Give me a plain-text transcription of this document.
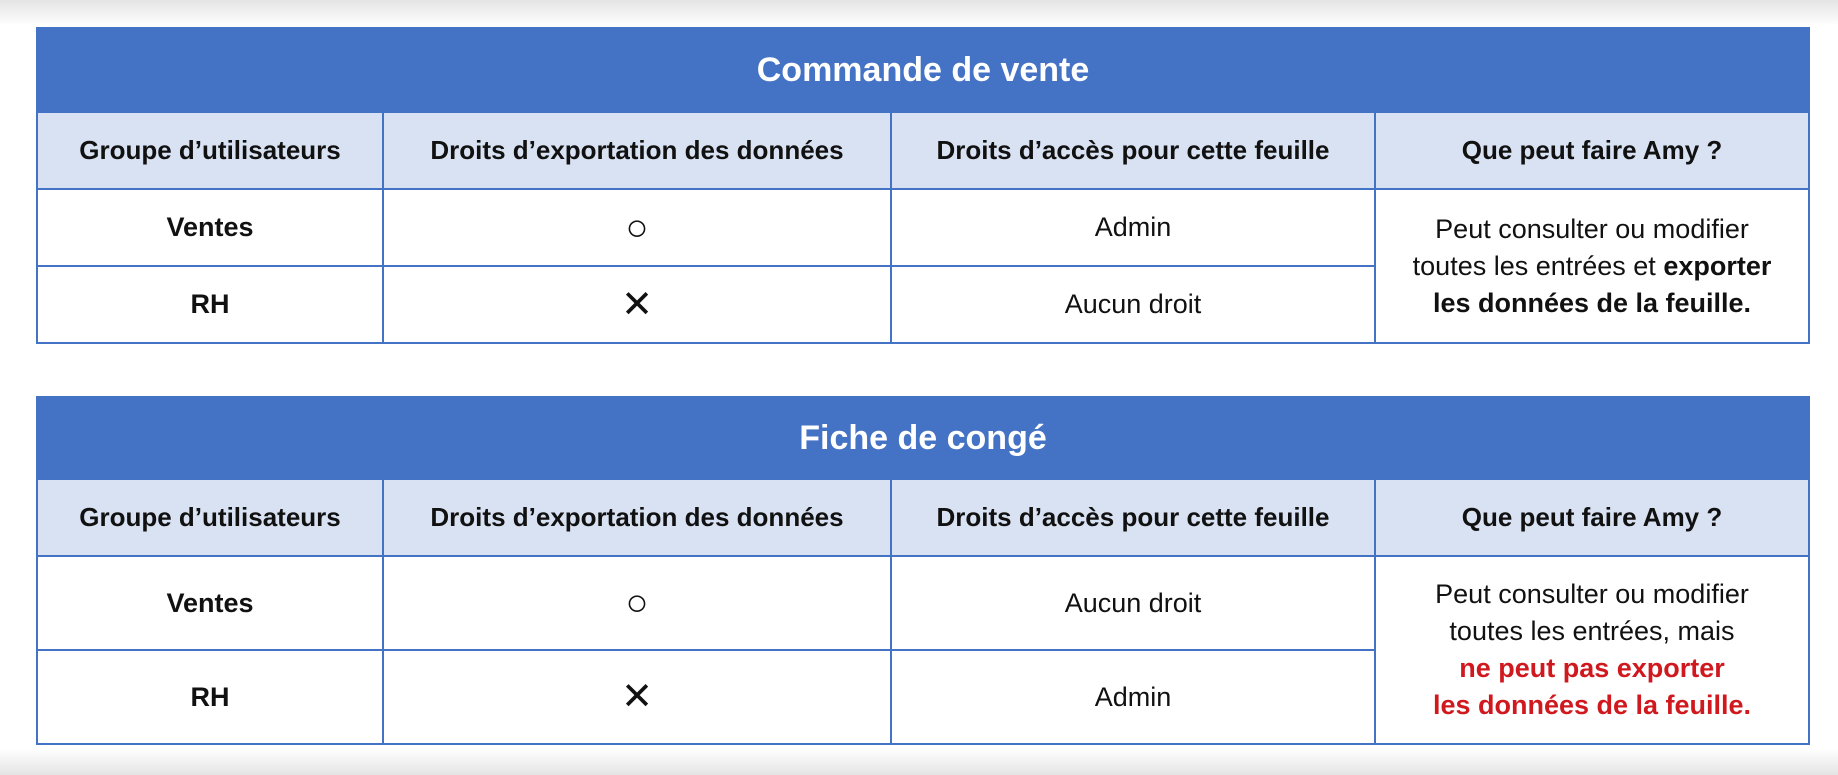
Commande de vente			
Groupe d’utilisateurs	Droits d’exportation des données	Droits d’accès pour cette feuille	Que peut faire Amy ?
Ventes	○	Admin	Peut consulter ou modifier
toutes les entrées et exporter
les données de la feuille.

RH	✕	Aucun droit	
Fiche de congé			
Groupe d’utilisateurs	Droits d’exportation des données	Droits d’accès pour cette feuille	Que peut faire Amy ?
Ventes	○	Aucun droit	Peut consulter ou modifier
toutes les entrées, mais
ne peut pas exporter
les données de la feuille.

RH	✕	Admin	
